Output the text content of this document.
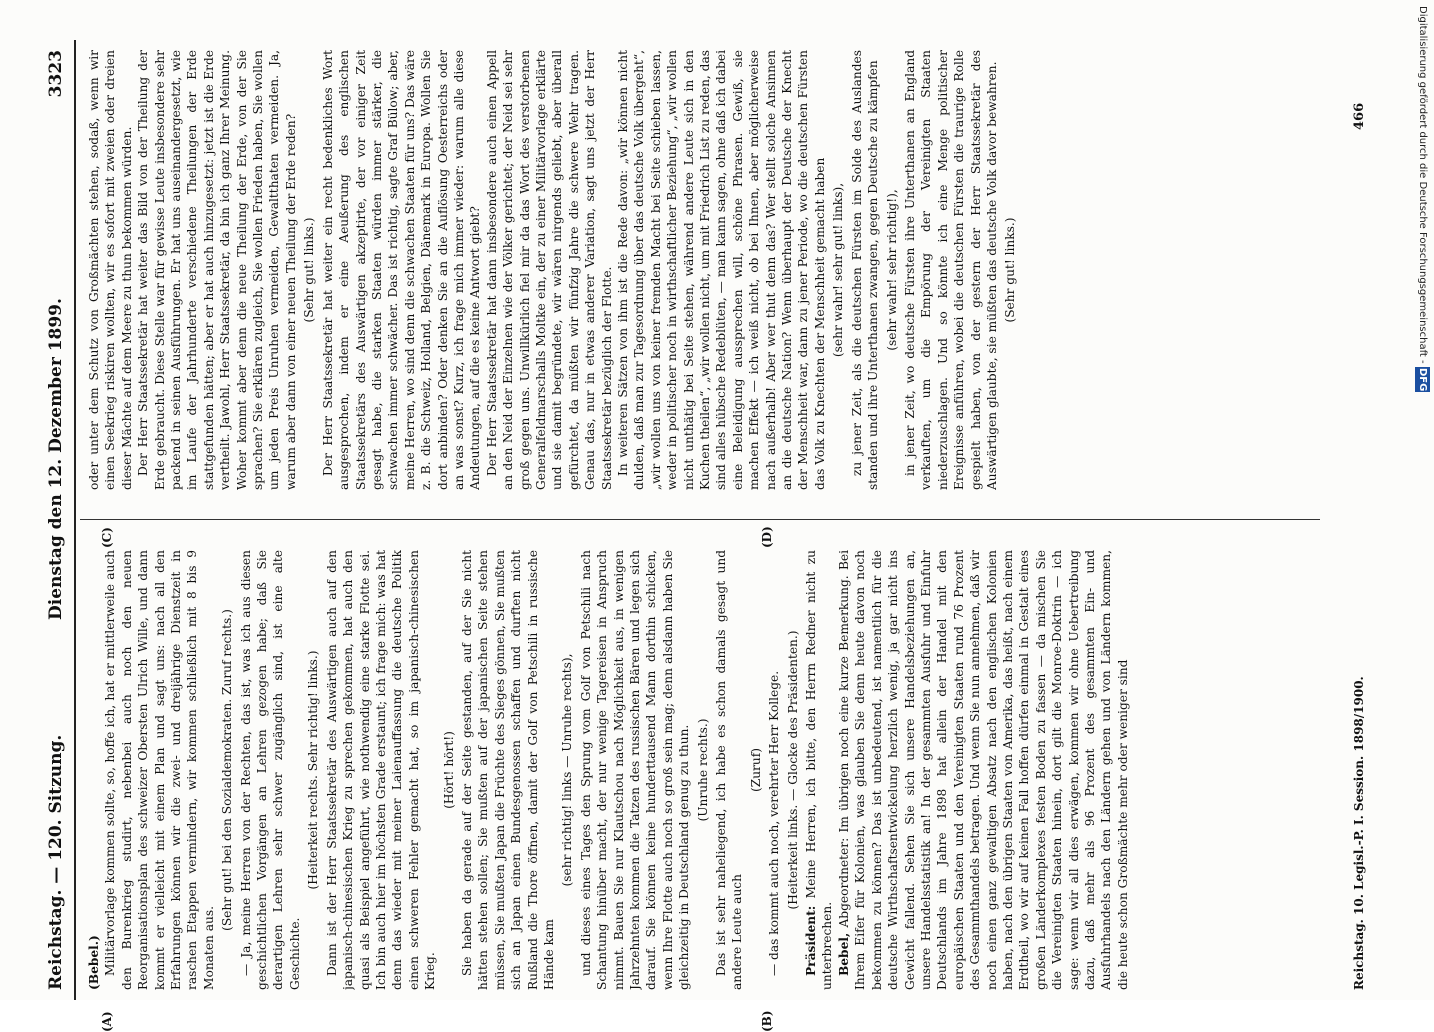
Reichstag. — 120. Sitzung.
Dienstag den 12. Dezember 1899.
3323
(A)	(B)
(C)	(D)
(Bebel.) Militärvorlage kommen sollte, so, hoffe ich, hat er mittlerweile auch den Burenkrieg studirt, nebenbei auch noch den neuen Reorganisationsplan des schweizer Obersten Ulrich Wille, und dann kommt er vielleicht mit einem Plan und sagt uns: nach all den Erfahrungen können wir die zwei- und dreijährige Dienstzeit in raschen Etappen vermindern, wir kommen schließlich mit 8 bis 9 Monaten aus.
(Sehr gut! bei den Sozialdemokraten. Zuruf rechts.) — Ja, meine Herren von der Rechten, das ist, was ich aus diesen geschichtlichen Vorgängen an Lehren gezogen habe; daß Sie derartigen Lehren sehr schwer zugänglich sind, ist eine alte Geschichte.
(Heiterkeit rechts. Sehr richtig! links.) Dann ist der Herr Staatssekretär des Auswärtigen auch auf den japanisch-chinesischen Krieg zu sprechen gekommen, hat auch den quasi als Beispiel angeführt, wie nothwendig eine starke Flotte sei. Ich bin auch hier im höchsten Grade erstaunt; ich frage mich: was hat denn das wieder mit meiner Laienauffassung die deutsche Politik einen schweren Fehler gemacht hat, so im japanisch-chinesischen Krieg.
(Hört! hört!) Sie haben da gerade auf der Seite gestanden, auf der Sie nicht hätten stehen sollen; Sie mußten auf der japanischen Seite stehen müssen, Sie mußten Japan die Früchte des Sieges gönnen, Sie mußten sich an Japan einen Bundesgenossen schaffen und durften nicht Rußland die Thore öffnen, damit der Golf von Petschili in russische Hände kam
(sehr richtig! links — Unruhe rechts), und dieses eines Tages den Sprung vom Golf von Petschili nach Schantung hinüber macht, der nur wenige Tagereisen in Anspruch nimmt. Bauen Sie nur Klautschou nach Möglichkeit aus, in wenigen Jahrzehnten kommen die Tatzen des russischen Bären und legen sich darauf. Sie können keine hunderttausend Mann dorthin schicken, wenn Ihre Flotte auch noch so groß sein mag; denn alsdann haben Sie gleichzeitig in Deutschland genug zu thun. (Unruhe rechts.) Das ist sehr naheliegend, ich habe es schon damals gesagt und andere Leute auch
(Zuruf) — das kommt auch noch, verehrter Herr Kollege. (Heiterkeit links. — Glocke des Präsidenten.)
Präsident: Meine Herren, ich bitte, den Herrn Redner nicht zu unterbrechen. Bebel, Abgeordneter: Im übrigen noch eine kurze Bemerkung. Bei Ihrem Eifer für Kolonien, was glauben Sie denn heute davon noch bekommen zu können? Das ist unbedeutend, ist namentlich für die deutsche Wirthschaftsentwickelung herzlich wenig, ja gar nicht ins Gewicht fallend. Sehen Sie sich unsere Handelsbeziehungen an, unsere Handelsstatistik an! In der gesammten Ausfuhr und Einfuhr Deutschlands im Jahre 1898 hat allein der Handel mit den europäischen Staaten und den Vereinigten Staaten rund 76 Prozent des Gesammthandels betragen. Und wenn Sie nun annehmen, daß wir noch einen ganz gewaltigen Absatz nach den englischen Kolonien haben, nach den übrigen Staaten von Amerika, das heißt, nach einem Erdtheil, wo wir auf keinen Fall hoffen dürfen einmal in Gestalt eines großen Länderkomplexes festen Boden zu fassen — da mischen Sie die Vereinigten Staaten hinein, dort gilt die Monroe-Doktrin — ich sage: wenn wir all dies erwägen, kommen wir ohne Uebertreibung dazu, daß mehr als 96 Prozent des gesammten Ein- und Ausfuhrhandels nach den Ländern gehen und von Ländern kommen, die heute schon Großmächte mehr oder weniger sind
oder unter dem Schutz von Großmächten stehen, sodaß, wenn wir einen Seekrieg riskiren wollten, wir es sofort mit zweien oder dreien dieser Mächte auf dem Meere zu thun bekommen würden. Der Herr Staatssekretär hat weiter das Bild von der Theilung der Erde gebraucht. Diese Stelle war für gewisse Leute insbesondere sehr packend in seinen Ausführungen. Er hat uns auseinandergesetzt, wie im Laufe der Jahrhunderte verschiedene Theilungen der Erde stattgefunden hätten; aber er hat auch hinzugesetzt: jetzt ist die Erde vertheilt. Jawohl, Herr Staatssekretär, da bin ich ganz Ihrer Meinung. Woher kommt aber denn die neue Theilung der Erde, von der Sie sprachen? Sie erklären zugleich, Sie wollen Frieden haben, Sie wollen um jeden Preis Unruhen vermeiden, Gewaltthaten vermeiden. Ja, warum aber dann von einer neuen Theilung der Erde reden? (Sehr gut! links.) Der Herr Staatssekretär hat weiter ein recht bedenkliches Wort ausgesprochen, indem er eine Aeußerung des englischen Staatssekretärs des Auswärtigen akzeptirte, der vor einiger Zeit gesagt habe, die starken Staaten würden immer stärker, die schwachen immer schwächer. Das ist richtig, sagte Graf Bülow; aber, meine Herren, wo sind denn die schwachen Staaten für uns? Das wäre z. B. die Schweiz, Holland, Belgien, Dänemark in Europa. Wollen Sie dort anbinden? Oder denken Sie an die Auflösung Oesterreichs oder an was sonst? Kurz, ich frage mich immer wieder: warum alle diese Andeutungen, auf die es keine Antwort giebt? Der Herr Staatssekretär hat dann insbesondere auch einen Appell an den Neid der Einzelnen wie der Völker gerichtet; der Neid sei sehr groß gegen uns. Unwillkürlich fiel mir da das Wort des verstorbenen Generalfeldmarschalls Moltke ein, der zu einer Militärvorlage erklärte und sie damit begründete, wir wären nirgends geliebt, aber überall gefürchtet, da müßten wir fünfzig Jahre die schwere Wehr tragen. Genau das, nur in etwas anderer Variation, sagt uns jetzt der Herr Staatssekretär bezüglich der Flotte. In weiteren Sätzen von ihm ist die Rede davon: „wir können nicht dulden, daß man zur Tagesordnung über das deutsche Volk übergeht“, „wir wollen uns von keiner fremden Macht bei Seite schieben lassen, weder in politischer noch in wirthschaftlicher Beziehung“, „wir wollen nicht unthätig bei Seite stehen, während andere Leute sich in den Kuchen theilen“, „wir wollen nicht, um mit Friedrich List zu reden, das sind alles hübsche Redeblüten, — man kann sagen, ohne daß ich dabei eine Beleidigung aussprechen will, schöne Phrasen. Gewiß, sie machen Effekt — ich weiß nicht, ob bei Ihnen, aber möglicherweise nach außerhalb! Aber wer thut denn das? Wer stellt solche Ansinnen an die deutsche Nation? Wenn überhaupt der Deutsche der Knecht der Menschheit war, dann zu jener Periode, wo die deutschen Fürsten das Volk zu Knechten der Menschheit gemacht haben (sehr wahr! sehr gut! links), zu jener Zeit, als die deutschen Fürsten im Solde des Auslandes standen und ihre Unterthanen zwangen, gegen Deutsche zu kämpfen (sehr wahr! sehr richtig!), in jener Zeit, wo deutsche Fürsten ihre Unterthanen an England verkauften, um die Empörung der Vereinigten Staaten niederzuschlagen. Und so könnte ich eine Menge politischer Ereignisse anführen, wobei die deutschen Fürsten die traurige Rolle gespielt haben, von der gestern der Herr Staatssekretär des Auswärtigen glaubte, sie müßten das deutsche Volk davor bewahren. (Sehr gut! links.)
Reichstag. 10. Legisl.-P. I. Session. 1898/1900.
466	Digitalisierung gefördert durch die Deutsche Forschungsgemeinschaft - DFG
